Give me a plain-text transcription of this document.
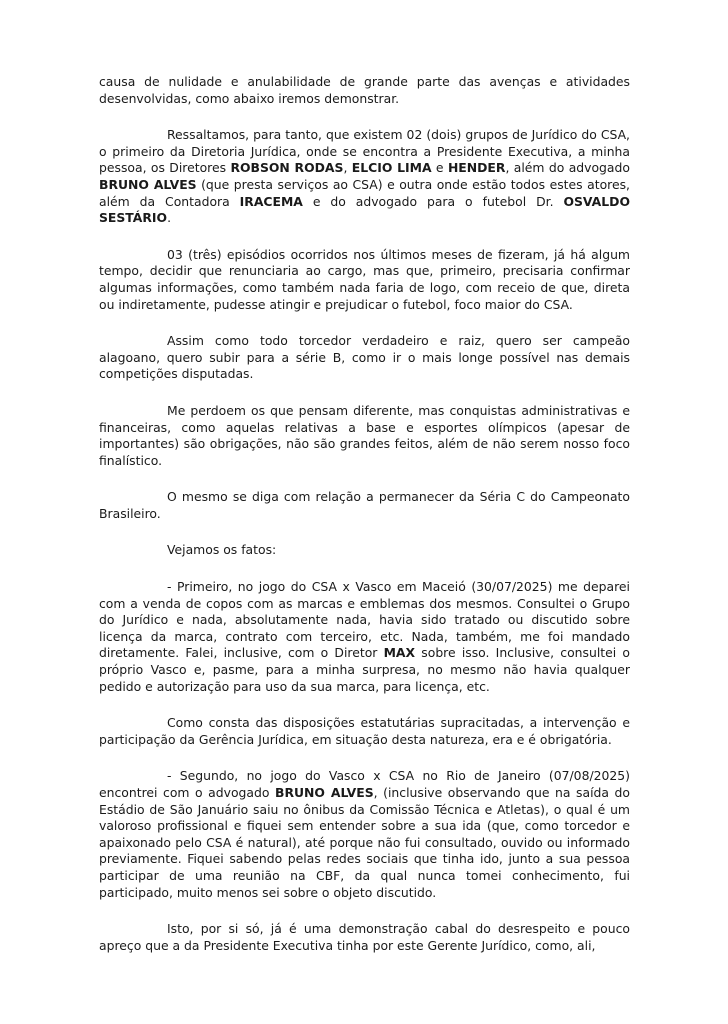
causa de nulidade e anulabilidade de grande parte das avenças e atividades desenvolvidas, como abaixo iremos demonstrar.

Ressaltamos, para tanto, que existem 02 (dois) grupos de Jurídico do CSA, o primeiro da Diretoria Jurídica, onde se encontra a Presidente Executiva, a minha pessoa, os Diretores ROBSON RODAS, ELCIO LIMA e HENDER, além do advogado BRUNO ALVES (que presta serviços ao CSA) e outra onde estão todos estes atores, além da Contadora IRACEMA e do advogado para o futebol Dr. OSVALDO SESTÁRIO.

03 (três) episódios ocorridos nos últimos meses de fizeram, já há algum tempo, decidir que renunciaria ao cargo, mas que, primeiro, precisaria confirmar algumas informações, como também nada faria de logo, com receio de que, direta ou indiretamente, pudesse atingir e prejudicar o futebol, foco maior do CSA.

Assim como todo torcedor verdadeiro e raiz, quero ser campeão alagoano, quero subir para a série B, como ir o mais longe possível nas demais competições disputadas.

Me perdoem os que pensam diferente, mas conquistas administrativas e financeiras, como aquelas relativas a base e esportes olímpicos (apesar de importantes) são obrigações, não são grandes feitos, além de não serem nosso foco finalístico.

O mesmo se diga com relação a permanecer da Séria C do Campeonato Brasileiro.

Vejamos os fatos:

- Primeiro, no jogo do CSA x Vasco em Maceió (30/07/2025) me deparei com a venda de copos com as marcas e emblemas dos mesmos. Consultei o Grupo do Jurídico e nada, absolutamente nada, havia sido tratado ou discutido sobre licença da marca, contrato com terceiro, etc. Nada, também, me foi mandado diretamente. Falei, inclusive, com o Diretor MAX sobre isso. Inclusive, consultei o próprio Vasco e, pasme, para a minha surpresa, no mesmo não havia qualquer pedido e autorização para uso da sua marca, para licença, etc.

Como consta das disposições estatutárias supracitadas, a intervenção e participação da Gerência Jurídica, em situação desta natureza, era e é obrigatória.

- Segundo, no jogo do Vasco x CSA no Rio de Janeiro (07/08/2025) encontrei com o advogado BRUNO ALVES, (inclusive observando que na saída do Estádio de São Januário saiu no ônibus da Comissão Técnica e Atletas), o qual é um valoroso profissional e fiquei sem entender sobre a sua ida (que, como torcedor e apaixonado pelo CSA é natural), até porque não fui consultado, ouvido ou informado previamente. Fiquei sabendo pelas redes sociais que tinha ido, junto a sua pessoa participar de uma reunião na CBF, da qual nunca tomei conhecimento, fui participado, muito menos sei sobre o objeto discutido.

Isto, por si só, já é uma demonstração cabal do desrespeito e pouco apreço que a da Presidente Executiva tinha por este Gerente Jurídico, como, ali,
